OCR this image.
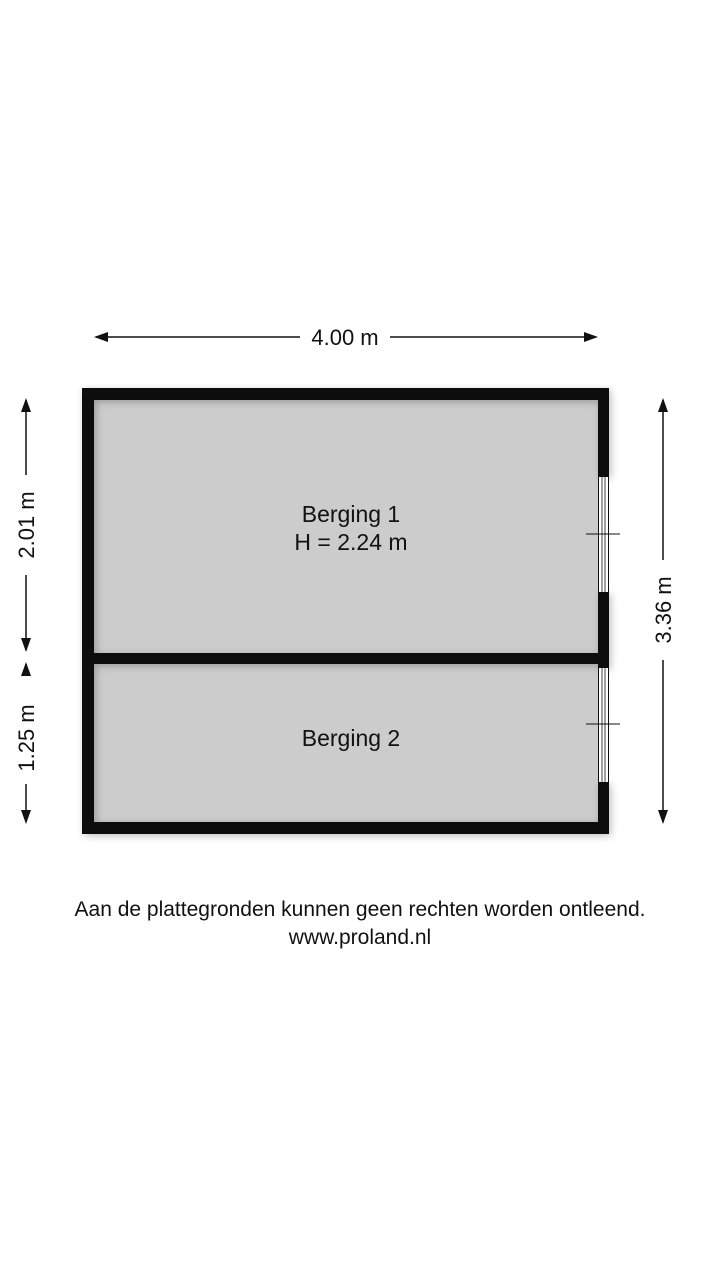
4.00 m
2.01 m
1.25 m
3.36 m
Berging 1
H = 2.24 m
Berging 2
Aan de plattegronden kunnen geen rechten worden ontleend.
www.proland.nl
